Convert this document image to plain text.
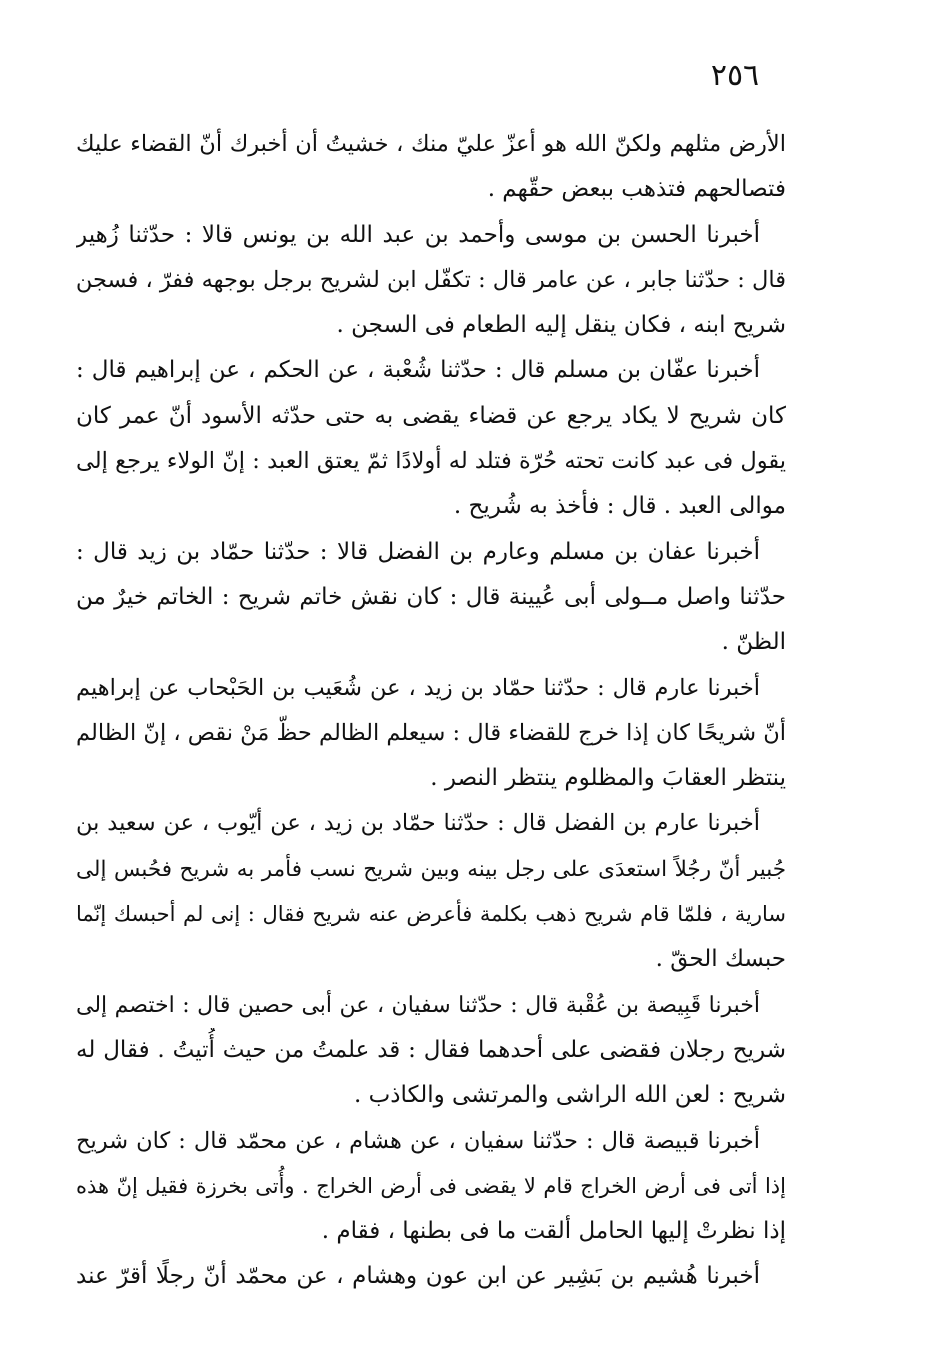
٢٥٦
الأرض مثلهم ولكنّ الله هو أعزّ عليّ منك ، خشيتُ أن أخبرك أنّ القضاء عليك
فتصالحهم فتذهب ببعض حقّهم .
أخبرنا الحسن بن موسى وأحمد بن عبد الله بن يونس قالا : حدّثنا زُهير
قال : حدّثنا جابر ، عن عامر قال : تكفّل ابن لشريح برجل بوجهه ففرّ ، فسجن
شريح ابنه ، فكان ينقل إليه الطعام فى السجن .
أخبرنا عفّان بن مسلم قال : حدّثنا شُعْبة ، عن الحكم ، عن إبراهيم قال :
كان شريح لا يكاد يرجع عن قضاء يقضى به حتى حدّثه الأسود أنّ عمر كان
يقول فى عبد كانت تحته حُرّة فتلد له أولادًا ثمّ يعتق العبد : إنّ الولاء يرجع إلى
موالى العبد . قال : فأخذ به شُريح .
أخبرنا عفان بن مسلم وعارم بن الفضل قالا : حدّثنا حمّاد بن زيد قال :
حدّثنا واصل مــولى أبى عُيينة قال : كان نقش خاتم شريح : الخاتم خيرٌ من
الظنّ .
أخبرنا عارم قال : حدّثنا حمّاد بن زيد ، عن شُعَيب بن الحَبْحاب عن إبراهيم
أنّ شريحًا كان إذا خرج للقضاء قال : سيعلم الظالم حظّ مَنْ نقص ، إنّ الظالم
ينتظر العقابَ والمظلوم ينتظر النصر .
أخبرنا عارم بن الفضل قال : حدّثنا حمّاد بن زيد ، عن أيّوب ، عن سعيد بن
جُبير أنّ رجُلاً استعدَى على رجل بينه وبين شريح نسب فأمر به شريح فحُبس إلى
سارية ، فلمّا قام شريح ذهب بكلمة فأعرض عنه شريح فقال : إنى لم أحبسك إنّما
حبسك الحقّ .
أخبرنا قَبِيصة بن عُقْبة قال : حدّثنا سفيان ، عن أبى حصين قال : اختصم إلى
شريح رجلان فقضى على أحدهما فقال : قد علمتُ من حيث أُتيتُ . فقال له
شريح : لعن الله الراشى والمرتشى والكاذب .
أخبرنا قبيصة قال : حدّثنا سفيان ، عن هشام ، عن محمّد قال : كان شريح
إذا أتى فى أرض الخراج قام لا يقضى فى أرض الخراج . وأُتى بخرزة فقيل إنّ هذه
إذا نظرتْ إليها الحامل ألقت ما فى بطنها ، فقام .
أخبرنا هُشيم بن بَشِير عن ابن عون وهشام ، عن محمّد أنّ رجلًا أقرّ عند
